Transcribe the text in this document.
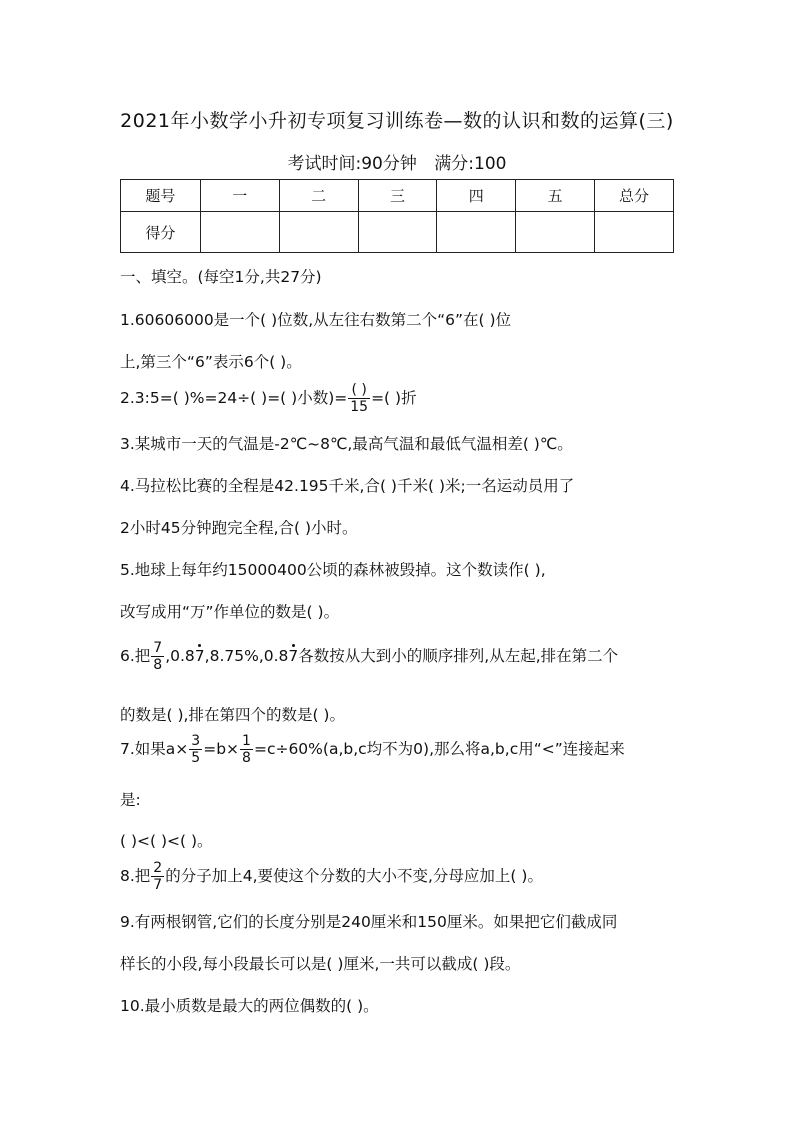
2021年小数学小升初专项复习训练卷—数的认识和数的运算(三)
考试时间:90分钟 满分:100
题号	一	二	三	四	五	总分
得分						
一、填空。(每空1分,共27分)
1.60606000是一个( )位数,从左往右数第二个“6”在( )位
上,第三个“6”表示6个( )。
2.3:5=( )%=24÷( )=( )小数)= $\frac{( )}{15}$ =( )折
3.某城市一天的气温是-2℃~8℃,最高气温和最低气温相差( )℃。
4.马拉松比赛的全程是42.195千米,合( )千米( )米;一名运动员用了
2小时45分钟跑完全程,合( )小时。
5.地球上每年约15000400公顷的森林被毁掉。这个数读作( ),
改写成用“万”作单位的数是( )。
6.把 $\frac{7}{8} ,0.87,8.75\%,0.87$各数按从大到小的顺序排列,从左起,排在第二个
的数是( ),排在第四个的数是( )。
7.如果$a\times \frac{3}{5} =b\times \frac{1}{8} =c\div 60\%(a,b,c$均不为0),那么将a,b,c用“<”连接起来
是:
( )<( )<( )。
8.把 $\frac{2}{7}$ 的分子加上4,要使这个分数的大小不变,分母应加上( )。
9.有两根钢管,它们的长度分别是240厘米和150厘米。如果把它们截成同
样长的小段,每小段最长可以是( )厘米,一共可以截成( )段。
10.最小质数是最大的两位偶数的( )。
